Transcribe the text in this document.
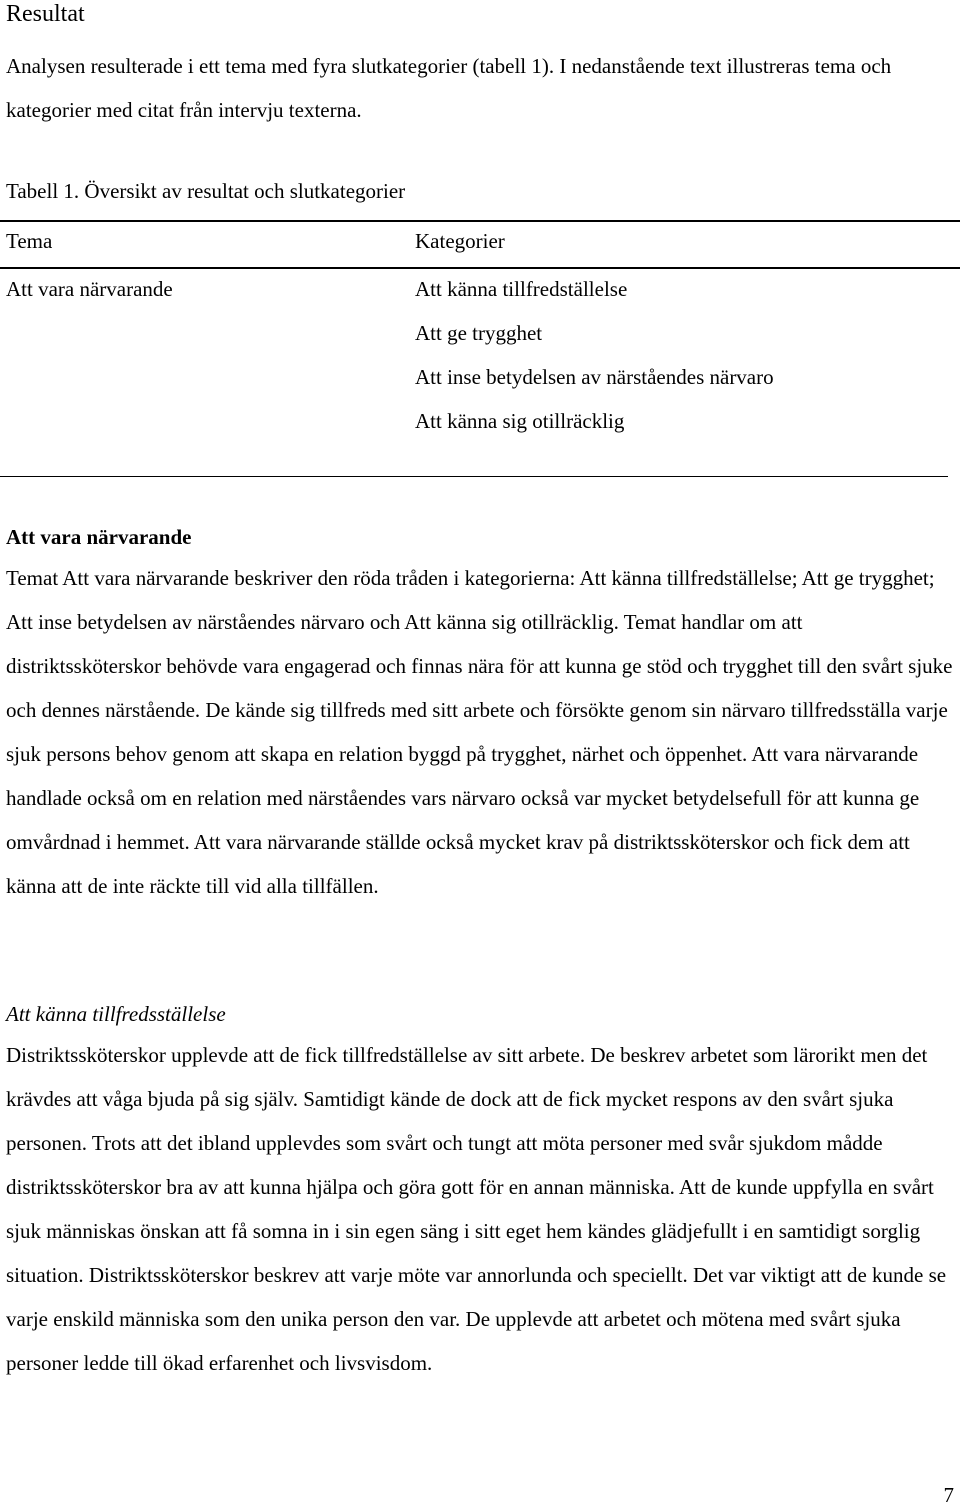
Resultat
Analysen resulterade i ett tema med fyra slutkategorier (tabell 1). I nedanstående text illustreras tema och kategorier med citat från intervju texterna.
Tabell 1. Översikt av resultat och slutkategorier
Tema	Kategorier
Att vara närvarande	Att känna tillfredställelse
Att ge trygghet
Att inse betydelsen av närståendes närvaro
Att känna sig otillräcklig
Att vara närvarande
Temat Att vara närvarande beskriver den röda tråden i kategorierna: Att känna tillfredställelse; Att ge trygghet; Att inse betydelsen av närståendes närvaro och Att känna sig otillräcklig. Temat handlar om att distriktssköterskor behövde vara engagerad och finnas nära för att kunna ge stöd och trygghet till den svårt sjuke och dennes närstående. De kände sig tillfreds med sitt arbete och försökte genom sin närvaro tillfredsställa varje sjuk persons behov genom att skapa en relation byggd på trygghet, närhet och öppenhet. Att vara närvarande handlade också om en relation med närståendes vars närvaro också var mycket betydelsefull för att kunna ge omvårdnad i hemmet. Att vara närvarande ställde också mycket krav på distriktssköterskor och fick dem att känna att de inte räckte till vid alla tillfällen.
Att känna tillfredsställelse
Distriktssköterskor upplevde att de fick tillfredställelse av sitt arbete. De beskrev arbetet som lärorikt men det krävdes att våga bjuda på sig själv. Samtidigt kände de dock att de fick mycket respons av den svårt sjuka personen. Trots att det ibland upplevdes som svårt och tungt att möta personer med svår sjukdom mådde distriktssköterskor bra av att kunna hjälpa och göra gott för en annan människa. Att de kunde uppfylla en svårt sjuk människas önskan att få somna in i sin egen säng i sitt eget hem kändes glädjefullt i en samtidigt sorglig situation. Distriktssköterskor beskrev att varje möte var annorlunda och speciellt. Det var viktigt att de kunde se varje enskild människa som den unika person den var. De upplevde att arbetet och mötena med svårt sjuka personer ledde till ökad erfarenhet och livsvisdom.
7
